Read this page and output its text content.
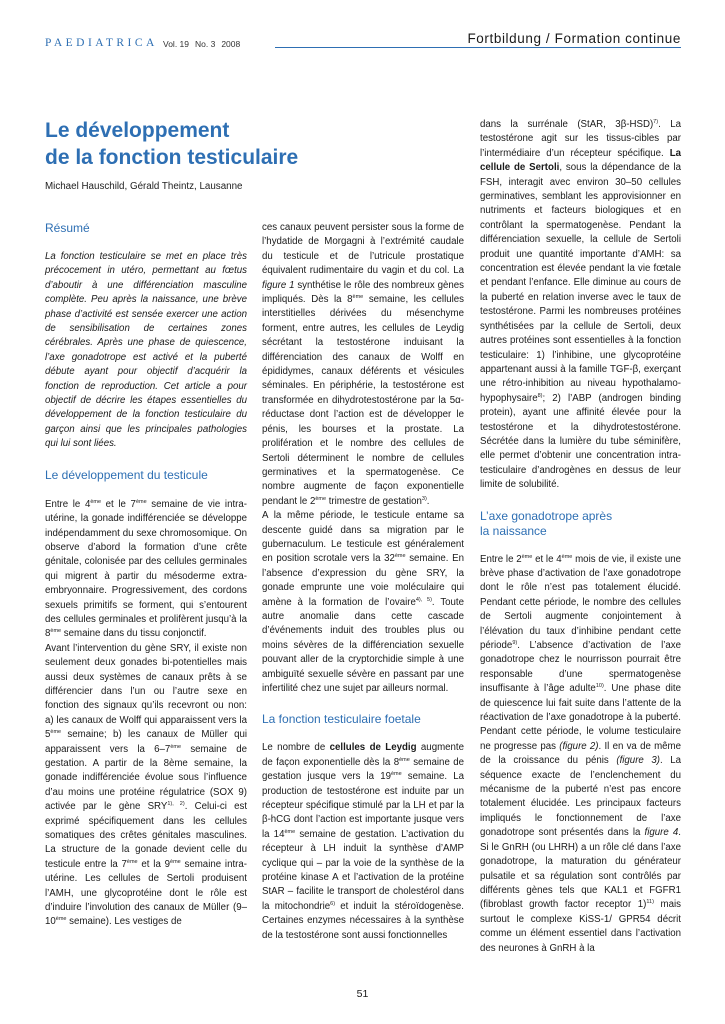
PAEDIATRICA Vol. 19 No. 3 2008	Fortbildung / Formation continue
Le développement
de la fonction testiculaire
Michael Hauschild, Gérald Theintz, Lausanne
Résumé

La fonction testiculaire se met en place très précocement in utéro, permettant au fœtus d’aboutir à une différenciation masculine complète. Peu après la naissance, une brève phase d’activité est sensée exercer une action de sensibilisation de certaines zones cérébrales. Après une phase de quiescence, l’axe gonadotrope est activé et la puberté débute ayant pour objectif d’acquérir la fonction de reproduction. Cet article a pour objectif de décrire les étapes essentielles du développement de la fonction testiculaire du garçon ainsi que les principales pathologies qui lui sont liées.

Le développement du testicule

Entre le 4ème et le 7ème semaine de vie intra-utérine, la gonade indifférenciée se développe indépendamment du sexe chromosomique. On observe d’abord la formation d’une crête génitale, colonisée par des cellules germinales qui migrent à partir du mésoderme extra-embryonnaire. Progressivement, des cordons sexuels primitifs se forment, qui s’entourent des cellules germinales et prolifèrent jusqu’à la 8ème semaine dans du tissu conjonctif.

Avant l’intervention du gène SRY, il existe non seulement deux gonades bi-potentielles mais aussi deux systèmes de canaux prêts à se différencier dans l’un ou l’autre sexe en fonction des signaux qu’ils recevront ou non: a) les canaux de Wolff qui apparaissent vers la 5ème semaine; b) les canaux de Müller qui apparaissent vers la 6–7ème semaine de gestation. A partir de la 8ème semaine, la gonade indifférenciée évolue sous l’influence d’au moins une protéine régulatrice (SOX 9) activée par le gène $SRY^{1), 2)}$. Celui-ci est exprimé spécifiquement dans les cellules somatiques des crêtes génitales masculines. La structure de la gonade devient celle du testicule entre la 7ème et la 9ème semaine intra-utérine. Les cellules de Sertoli produisent l’AMH, une glycoprotéine dont le rôle est d’induire l’involution des canaux de Müller (9–10ème semaine). Les vestiges de

ces canaux peuvent persister sous la forme de l’hydatide de Morgagni à l’extrémité caudale du testicule et de l’utricule prostatique équivalent rudimentaire du vagin et du col. La figure 1 synthétise le rôle des nombreux gènes impliqués. Dès la 8ème semaine, les cellules interstitielles dérivées du mésenchyme forment, entre autres, les cellules de Leydig sécrétant la testostérone induisant la différenciation des canaux de Wolff en épididymes, canaux déférents et vésicules séminales. En périphérie, la testostérone est transformée en dihydrotestostérone par la 5α-réductase dont l’action est de développer le pénis, les bourses et la prostate. La prolifération et le nombre des cellules de Sertoli déterminent le nombre de cellules germinatives et la spermatogenèse. Ce nombre augmente de façon exponentielle pendant le 2ème trimestre de gestation$^{3)}$.

A la même période, le testicule entame sa descente guidé dans sa migration par le gubernaculum. Le testicule est généralement en position scrotale vers la 32ème semaine. En l’absence d’expression du gène SRY, la gonade emprunte une voie moléculaire qui amène à la formation de l’ovaire$^{4), 5)}$. Toute autre anomalie dans cette cascade d’événements induit des troubles plus ou moins sévères de la différenciation sexuelle pouvant aller de la cryptorchidie simple à une ambiguïté sexuelle sévère en passant par une infertilité chez une sujet par ailleurs normal.

La fonction testiculaire foetale

Le nombre de cellules de Leydig augmente de façon exponentielle dès la 8ème semaine de gestation jusque vers la 19ème semaine. La production de testostérone est induite par un récepteur spécifique stimulé par la LH et par la β-hCG dont l’action est importante jusque vers la 14ème semaine de gestation. L’activation du récepteur à LH induit la synthèse d’AMP cyclique qui – par la voie de la synthèse de la protéine kinase A et l’activation de la protéine StAR – facilite le transport de cholestérol dans la mitochondrie$^{6)}$ et induit la stéroïdogenèse. Certaines enzymes nécessaires à la synthèse de la testostérone sont aussi fonctionnelles

dans la surrénale (StAR, 3β-HSD)$^{7)}$. La testostérone agit sur les tissus-cibles par l’intermédiaire d’un récepteur spécifique. La cellule de Sertoli, sous la dépendance de la FSH, interagit avec environ 30–50 cellules germinatives, semblant les approvisionner en nutriments et facteurs biologiques et en contrôlant la spermatogenèse. Pendant la différenciation sexuelle, la cellule de Sertoli produit une quantité importante d’AMH: sa concentration est élevée pendant la vie fœtale et pendant l’enfance. Elle diminue au cours de la puberté en relation inverse avec le taux de testostérone. Parmi les nombreuses protéines synthétisées par la cellule de Sertoli, deux autres protéines sont essentielles à la fonction testiculaire: 1) l’inhibine, une glycoprotéine appartenant aussi à la famille TGF-β, exerçant une rétro-inhibition au niveau hypothalamo-hypophysaire$^{8)}$; 2) l’ABP (androgen binding protein), ayant une affinité élevée pour la testostérone et la dihydrotestostérone. Sécrétée dans la lumière du tube séminifère, elle permet d’obtenir une concentration intra-testiculaire d’androgènes en dessus de leur limite de solubilité.

L’axe gonadotrope après
la naissance

Entre le 2ème et le 4ème mois de vie, il existe une brève phase d’activation de l’axe gonadotrope dont le rôle n’est pas totalement élucidé. Pendant cette période, le nombre des cellules de Sertoli augmente conjointement à l’élévation du taux d’inhibine pendant cette période$^{9)}$. L’absence d’activation de l’axe gonadotrope chez le nourrisson pourrait être responsable d’une spermatogenèse insuffisante à l’âge adulte$^{10)}$. Une phase dite de quiescence lui fait suite dans l’attente de la réactivation de l’axe gonadotrope à la puberté. Pendant cette période, le volume testiculaire ne progresse pas (figure 2). Il en va de même de la croissance du pénis (figure 3). La séquence exacte de l’enclenchement du mécanisme de la puberté n’est pas encore totalement élucidée. Les principaux facteurs impliqués le fonctionnement de l’axe gonadotrope sont présentés dans la figure 4. Si le GnRH (ou LHRH) a un rôle clé dans l’axe gonadotrope, la maturation du générateur pulsatile et sa régulation sont contrôlés par différents gènes tels que KAL1 et FGFR1 (fibroblast growth factor receptor 1)$^{11)}$ mais surtout le complexe KiSS-1/ GPR54 décrit comme un élément essentiel dans l’activation des neurones à GnRH à la

51
